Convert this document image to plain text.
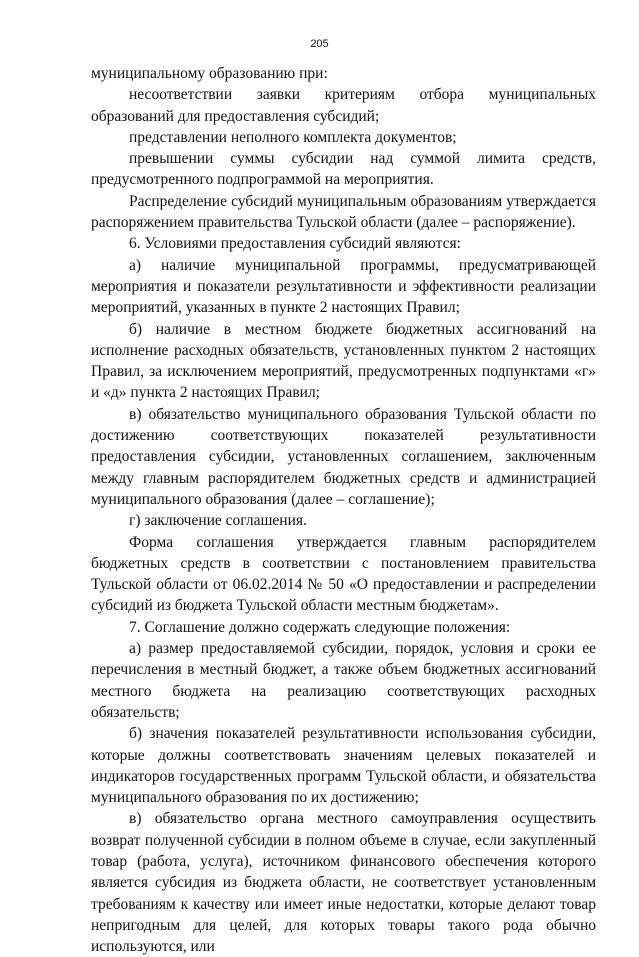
205

муниципальному образованию при:

несоответствии заявки критериям отбора муниципальных образований для предоставления субсидий;

представлении неполного комплекта документов;

превышении суммы субсидии над суммой лимита средств, предусмотренного подпрограммой на мероприятия.

Распределение субсидий муниципальным образованиям утверждается распоряжением правительства Тульской области (далее – распоряжение).

6. Условиями предоставления субсидий являются:

а) наличие муниципальной программы, предусматривающей мероприятия и показатели результативности и эффективности реализации мероприятий, указанных в пункте 2 настоящих Правил;

б) наличие в местном бюджете бюджетных ассигнований на исполнение расходных обязательств, установленных пунктом 2 настоящих Правил, за исключением мероприятий, предусмотренных подпунктами «г» и «д» пункта 2 настоящих Правил;

в) обязательство муниципального образования Тульской области по достижению соответствующих показателей результативности предоставления субсидии, установленных соглашением, заключенным между главным распорядителем бюджетных средств и администрацией муниципального образования (далее – соглашение);

г) заключение соглашения.

Форма соглашения утверждается главным распорядителем бюджетных средств в соответствии с постановлением правительства Тульской области от 06.02.2014 № 50 «О предоставлении и распределении субсидий из бюджета Тульской области местным бюджетам».

7. Соглашение должно содержать следующие положения:

а) размер предоставляемой субсидии, порядок, условия и сроки ее перечисления в местный бюджет, а также объем бюджетных ассигнований местного бюджета на реализацию соответствующих расходных обязательств;

б) значения показателей результативности использования субсидии, которые должны соответствовать значениям целевых показателей и индикаторов государственных программ Тульской области, и обязательства муниципального образования по их достижению;

в) обязательство органа местного самоуправления осуществить возврат полученной субсидии в полном объеме в случае, если закупленный товар (работа, услуга), источником финансового обеспечения которого является субсидия из бюджета области, не соответствует установленным требованиям к качеству или имеет иные недостатки, которые делают товар непригодным для целей, для которых товары такого рода обычно используются, или
